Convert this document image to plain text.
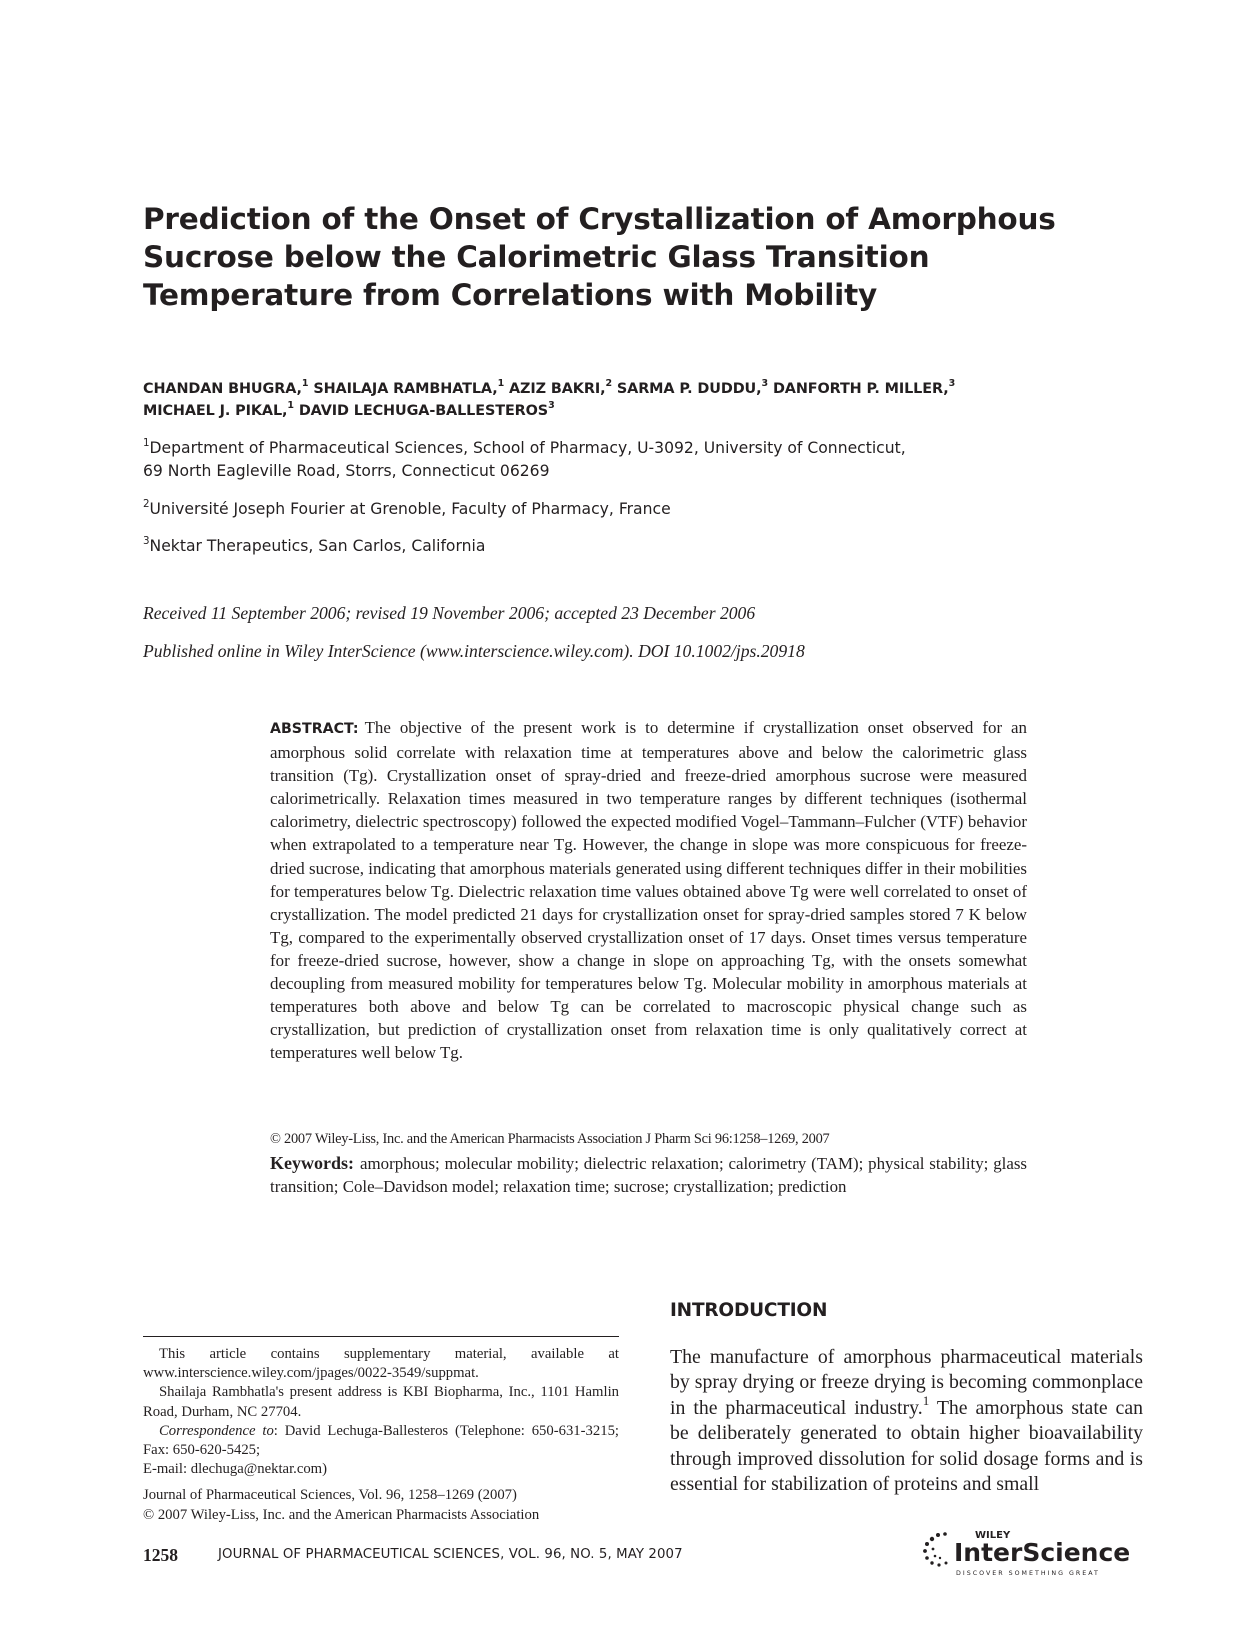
Prediction of the Onset of Crystallization of Amorphous
Sucrose below the Calorimetric Glass Transition
Temperature from Correlations with Mobility
CHANDAN BHUGRA,$^1$ SHAILAJA RAMBHATLA,$^1$ AZIZ BAKRI,$^2$ SARMA P. DUDDU,$^3$ DANFORTH P. MILLER,$^3$
MICHAEL J. PIKAL,$^1$ DAVID LECHUGA-BALLESTEROS$^3$
$^1$Department of Pharmaceutical Sciences, School of Pharmacy, U-3092, University of Connecticut,
69 North Eagleville Road, Storrs, Connecticut 06269
$^2$Université Joseph Fourier at Grenoble, Faculty of Pharmacy, France
$^3$Nektar Therapeutics, San Carlos, California
Received 11 September 2006; revised 19 November 2006; accepted 23 December 2006
Published online in Wiley InterScience (www.interscience.wiley.com). DOI 10.1002/jps.20918
ABSTRACT: The objective of the present work is to determine if crystallization onset observed for an amorphous solid correlate with relaxation time at temperatures above and below the calorimetric glass transition (Tg). Crystallization onset of spray-dried and freeze-dried amorphous sucrose were measured calorimetrically. Relaxation times measured in two temperature ranges by different techniques (isothermal calorimetry, dielectric spectroscopy) followed the expected modified Vogel–Tammann–Fulcher (VTF) behavior when extrapolated to a temperature near Tg. However, the change in slope was more conspicuous for freeze-dried sucrose, indicating that amorphous materials generated using different techniques differ in their mobilities for temperatures below Tg. Dielectric relaxation time values obtained above Tg were well correlated to onset of crystallization. The model predicted 21 days for crystallization onset for spray-dried samples stored 7 K below Tg, compared to the experimentally observed crystallization onset of 17 days. Onset times versus temperature for freeze-dried sucrose, however, show a change in slope on approaching Tg, with the onsets somewhat decoupling from measured mobility for temperatures below Tg. Molecular mobility in amorphous materials at temperatures both above and below Tg can be correlated to macroscopic physical change such as crystallization, but prediction of crystallization onset from relaxation time is only qualitatively correct at temperatures well below Tg.
© 2007 Wiley-Liss, Inc. and the American Pharmacists Association J Pharm Sci 96:1258–1269, 2007
Keywords: amorphous; molecular mobility; dielectric relaxation; calorimetry (TAM); physical stability; glass transition; Cole–Davidson model; relaxation time; sucrose; crystallization; prediction
INTRODUCTION
The manufacture of amorphous pharmaceutical materials by spray drying or freeze drying is becoming commonplace in the pharmaceutical industry.$^1$ The amorphous state can be deliberately generated to obtain higher bioavailability through improved dissolution for solid dosage forms and is essential for stabilization of proteins and small

This article contains supplementary material, available at www.interscience.wiley.com/jpages/0022-3549/suppmat.

Shailaja Rambhatla's present address is KBI Biopharma, Inc., 1101 Hamlin Road, Durham, NC 27704.

Correspondence to: David Lechuga-Ballesteros (Telephone: 650-631-3215; Fax: 650-620-5425;

E-mail: dlechuga@nektar.com)

Journal of Pharmaceutical Sciences, Vol. 96, 1258–1269 (2007)

© 2007 Wiley-Liss, Inc. and the American Pharmacists Association

1258	JOURNAL OF PHARMACEUTICAL SCIENCES, VOL. 96, NO. 5, MAY 2007
WILEY
InterScience
DISCOVER SOMETHING GREAT
